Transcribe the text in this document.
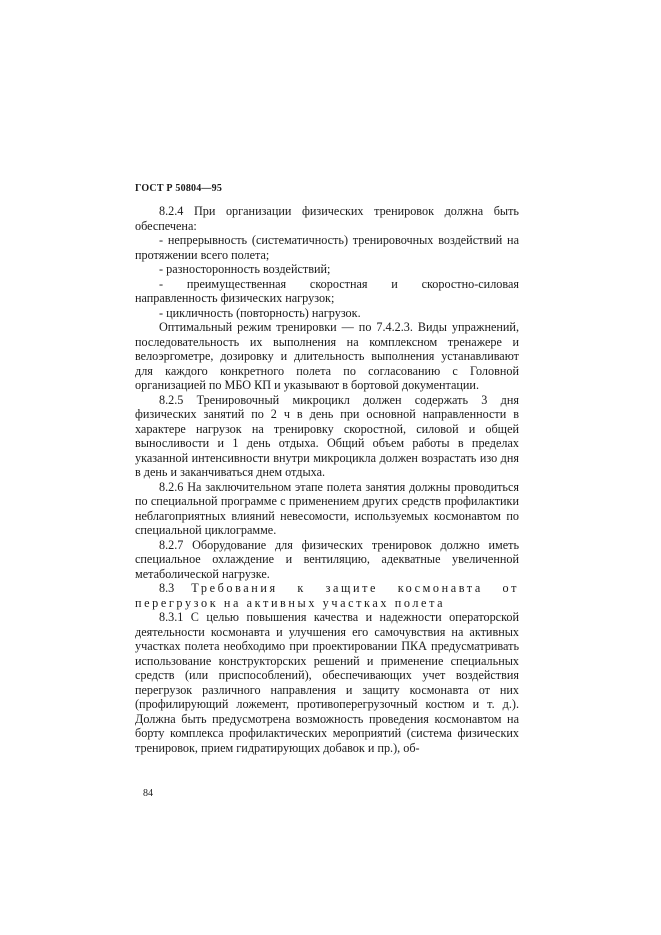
ГОСТ Р 50804—95

8.2.4 При организации физических тренировок должна быть обеспечена:

- непрерывность (систематичность) тренировочных воздействий на протяжении всего полета;

- разносторонность воздействий;

- преимущественная скоростная и скоростно-силовая направленность физических нагрузок;

- цикличность (повторность) нагрузок.

Оптимальный режим тренировки — по 7.4.2.3. Виды упражнений, последовательность их выполнения на комплексном тренажере и велоэргометре, дозировку и длительность выполнения устанавливают для каждого конкретного полета по согласованию с Головной организацией по МБО КП и указывают в бортовой документации.

8.2.5 Тренировочный микроцикл должен содержать 3 дня физических занятий по 2 ч в день при основной направленности в характере нагрузок на тренировку скоростной, силовой и общей выносливости и 1 день отдыха. Общий объем работы в пределах указанной интенсивности внутри микроцикла должен возрастать изо дня в день и заканчиваться днем отдыха.

8.2.6 На заключительном этапе полета занятия должны проводиться по специальной программе с применением других средств профилактики неблагоприятных влияний невесомости, используемых космонавтом по специальной циклограмме.

8.2.7 Оборудование для физических тренировок должно иметь специальное охлаждение и вентиляцию, адекватные увеличенной метаболической нагрузке.

8.3 Требования к защите космонавта от перегрузок на активных участках полета

8.3.1 С целью повышения качества и надежности операторской деятельности космонавта и улучшения его самочувствия на активных участках полета необходимо при проектировании ПКА предусматривать использование конструкторских решений и применение специальных средств (или приспособлений), обеспечивающих учет воздействия перегрузок различного направления и защиту космонавта от них (профилирующий ложемент, противоперегрузочный костюм и т. д.). Должна быть предусмотрена возможность проведения космонавтом на борту комплекса профилактических мероприятий (система физических тренировок, прием гидратирующих добавок и пр.), об-

84
